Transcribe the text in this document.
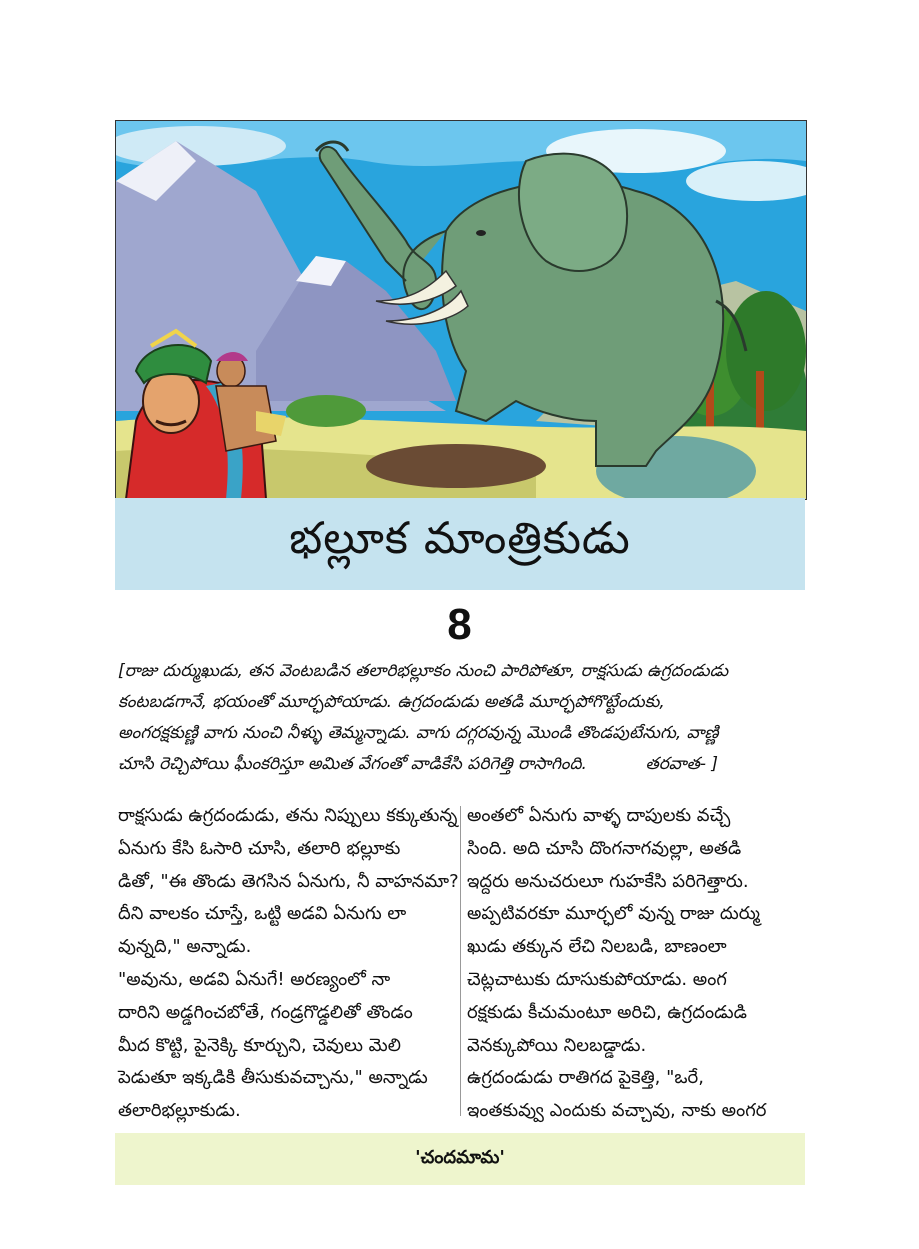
భల్లూక మాంత్రికుడు
8

[రాజు దుర్ముఖుడు, తన వెంటబడిన తలారిభల్లూకం నుంచి పారిపోతూ, రాక్షసుడు ఉగ్రదండుడు
కంటబడగానే, భయంతో మూర్ఛపోయాడు. ఉగ్రదండుడు అతడి మూర్ఛపోగొట్టేందుకు,
అంగరక్షకుణ్ణి వాగు నుంచి నీళ్ళు తెమ్మన్నాడు. వాగు దగ్గరవున్న మొండి తొండపుటేనుగు, వాణ్ణి
చూసి రెచ్చిపోయి ఘీంకరిస్తూ అమిత వేగంతో వాడికేసి పరిగెత్తి రాసాగింది.	తరవాత- ]

రాక్షసుడు ఉగ్రదండుడు, తను నిప్పులు కక్కుతున్న
ఏనుగు కేసి ఓసారి చూసి, తలారి భల్లూకు
డితో, "ఈ తొండు తెగసిన ఏనుగు, నీ వాహనమా?
దీని వాలకం చూస్తే, ఒట్టి అడవి ఏనుగు లా
వున్నది," అన్నాడు.
"అవును, అడవి ఏనుగే! అరణ్యంలో నా
దారిని అడ్డగించబోతే, గండ్రగొడ్డలితో తొండం
మీద కొట్టి, పైనెక్కి కూర్చుని, చెవులు మెలి
పెడుతూ ఇక్కడికి తీసుకువచ్చాను," అన్నాడు
తలారిభల్లూకుడు.
అంతలో ఏనుగు వాళ్ళ దాపులకు వచ్చే
సింది. అది చూసి దొంగనాగవుల్లా, అతడి
ఇద్దరు అనుచరులూ గుహకేసి పరిగెత్తారు.
అప్పటివరకూ మూర్ఛలో వున్న రాజు దుర్ము
ఖుడు తక్కున లేచి నిలబడి, బాణంలా
చెట్లచాటుకు దూసుకుపోయాడు. అంగ
రక్షకుడు కీచుమంటూ అరిచి, ఉగ్రదండుడి
వెనక్కుపోయి నిలబడ్డాడు.
ఉగ్రదండుడు రాతిగద పైకెత్తి, "ఒరే,
ఇంతకువ్వు ఎందుకు వచ్చావు, నాకు అంగర
'చందమామ'
